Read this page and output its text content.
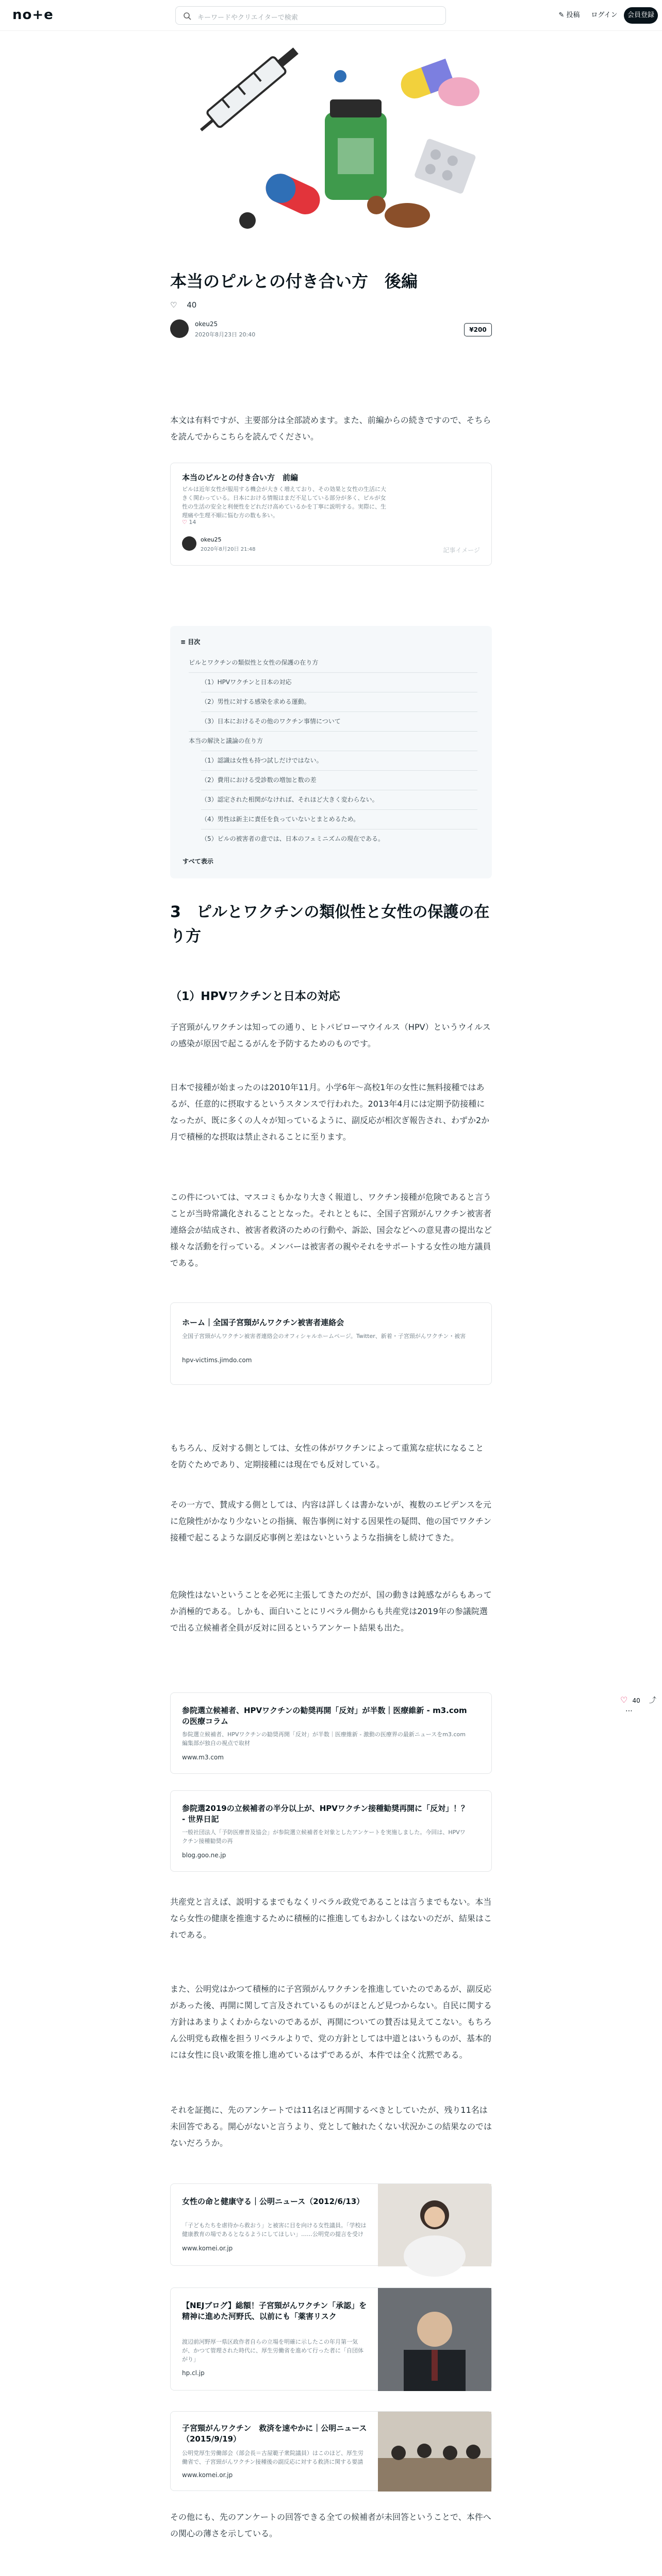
no+e	キーワードやクリエイターで検索	✎ 投稿	ログイン	会員登録
本当のピルとの付き合い方　後編
♡ 40
okeu25
2020年8月23日 20:40
¥200
本文は有料ですが、主要部分は全部読めます。また、前編からの続きですので、そちらを読んでからこちらを読んでください。
本当のピルとの付き合い方　前編
ピルは近年女性が服用する機会が大きく増えており、その効果と女性の生活に大きく関わっている。日本における情報はまだ不足している部分が多く、ピルが女性の生活の安全と利便性をどれだけ高めているかを丁寧に説明する。実際に、生理痛や生理不順に悩む方の数も多い。
♡ 14
okeu25
2020年8月20日 21:48	記事イメージ
≡ 目次
ピルとワクチンの類似性と女性の保護の在り方
（1）HPVワクチンと日本の対応
（2）男性に対する感染を求める運動。
（3）日本におけるその他のワクチン事情について
本当の解決と議論の在り方
（1）認識は女性も持つ試しだけではない。
（2）費用における受診数の増加と数の差
（3）認定された相関がなければ、それほど大きく変わらない。
（4）男性は新主に責任を負っていないとまとめるため。
（5）ピルの被害者の意では、日本のフェミニズムの現在である。
すべて表示
3　ピルとワクチンの類似性と女性の保護の在り方
（1）HPVワクチンと日本の対応
子宮頸がんワクチンは知っての通り、ヒトパピローマウイルス（HPV）というウイルスの感染が原因で起こるがんを予防するためのものです。
日本で接種が始まったのは2010年11月。小学6年〜高校1年の女性に無料接種ではあるが、任意的に摂取するというスタンスで行われた。2013年4月には定期予防接種になったが、既に多くの人々が知っているように、副反応が相次ぎ報告され、わずか2か月で積極的な摂取は禁止されることに至ります。
この件については、マスコミもかなり大きく報道し、ワクチン接種が危険であると言うことが当時常識化されることとなった。それとともに、全国子宮頸がんワクチン被害者連絡会が結成され、被害者救済のための行動や、訴訟、国会などへの意見書の提出など様々な活動を行っている。メンバーは被害者の親やそれをサポートする女性の地方議員である。
ホーム｜全国子宮頸がんワクチン被害者連絡会
全国子宮頸がんワクチン被害者連絡会のオフィシャルホームページ。Twitter、新着・子宮頸がんワクチン・被害
hpv-victims.jimdo.com
もちろん、反対する側としては、女性の体がワクチンによって重篤な症状になることを防ぐためであり、定期接種には現在でも反対している。
その一方で、賛成する側としては、内容は詳しくは書かないが、複数のエビデンスを元に危険性がかなり少ないとの指摘、報告事例に対する因果性の疑問、他の国でワクチン接種で起こるような副反応事例と差はないというような指摘をし続けてきた。
危険性はないということを必死に主張してきたのだが、国の動きは鈍感ながらもあってか消極的である。しかも、面白いことにリベラル側からも共産党は2019年の参議院選で出る立候補者全員が反対に回るというアンケート結果も出た。
参院選立候補者、HPVワクチンの勧奨再開「反対」が半数｜医療維新 - m3.com の医療コラム
参院選立候補者、HPVワクチンの勧奨再開「反対」が半数｜医療維新 - 激動の医療界の最新ニュースをm3.com編集部が独自の視点で取材
www.m3.com
参院選2019の立候補者の半分以上が、HPVワクチン接種勧奨再開に「反対」！？ - 世界日記
一般社団法人「予防医療普及協会」が参院選立候補者を対象としたアンケートを実施しました。今回は、HPVワクチン接種勧奨の再
blog.goo.ne.jp
共産党と言えば、説明するまでもなくリベラル政党であることは言うまでもない。本当なら女性の健康を推進するために積極的に推進してもおかしくはないのだが、結果はこれである。
また、公明党はかつて積極的に子宮頸がんワクチンを推進していたのであるが、副反応があった後、再開に関して言及されているものがほとんど見つからない。自民に関する方針はあまりよくわからないのであるが、再開についての賛否は見えてこない。もちろん公明党も政権を担うリベラルよりで、党の方針としては中道とはいうものが、基本的には女性に良い政策を推し進めているはずであるが、本件では全く沈黙である。
それを証拠に、先のアンケートでは11名ほど再開するべきとしていたが、残り11名は未回答である。開心がないと言うより、党として触れたくない状況かこの結果なのではないだろうか。
女性の命と健康守る｜公明ニュース（2012/6/13）
「子どもたちを虐待から救おう」と被害に目を向ける女性議員。「学校は健康教育の場であるとなるようにしてほしい」……公明党の提言を受け
www.komei.or.jp
【NEJブログ】総額！子宮頸がんワクチン「承認」を精神に進めた河野氏、以前にも「薬害リスク
渡辺前河野厚一県区政作者自らの立場を明確に示したこの年月第一気が、かつて管理された時代に、厚生労働省を進めて行った者に「自団体がり」
hp.cl.jp
子宮頸がんワクチン　救済を速やかに｜公明ニュース（2015/9/19）
公明党厚生労働部会（部会長＝古屋範子衆院議員）はこのほど、厚生労働省で、子宮頸がんワクチン接種後の副反応に対する救済に関する要請
www.komei.or.jp
その他にも、先のアンケートの回答できる全ての候補者が未回答ということで、本件への関心の薄さを示している。

♡ 40 ⤴ ⋯
